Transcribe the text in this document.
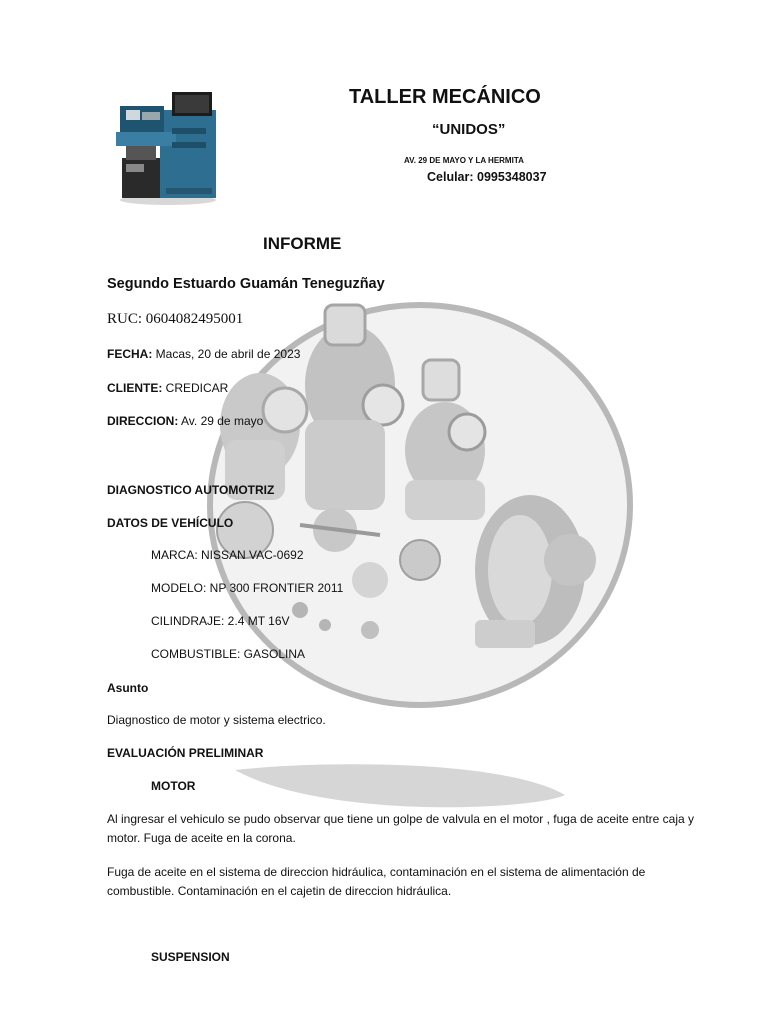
TALLER MECÁNICO
“UNIDOS”
AV. 29 DE MAYO Y LA HERMITA
Celular: 0995348037
INFORME
Segundo Estuardo Guamán Teneguzñay
RUC: 0604082495001
FECHA: Macas, 20 de abril de 2023
CLIENTE: CREDICAR
DIRECCION: Av. 29 de mayo
DIAGNOSTICO AUTOMOTRIZ
DATOS DE VEHÍCULO
MARCA: NISSAN VAC-0692
MODELO: NP 300 FRONTIER 2011
CILINDRAJE: 2.4 MT 16V
COMBUSTIBLE: GASOLINA
Asunto
Diagnostico de motor y sistema electrico.
EVALUACIÓN PRELIMINAR
MOTOR
Al ingresar el vehiculo se pudo observar que tiene un golpe de valvula en el motor , fuga de aceite entre caja y motor. Fuga de aceite en la corona.
Fuga de aceite en el sistema de direccion hidráulica, contaminación en el sistema de alimentación de combustible. Contaminación en el cajetin de direccion hidráulica.
SUSPENSION
